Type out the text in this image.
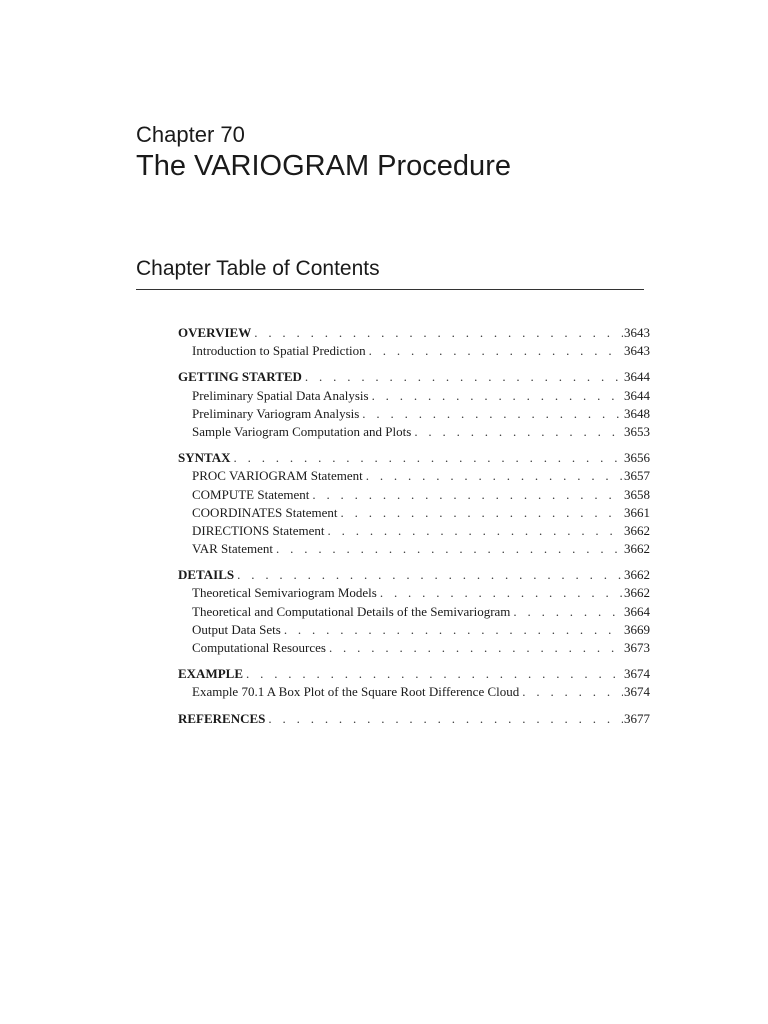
Chapter 70
The VARIOGRAM Procedure
Chapter Table of Contents
OVERVIEW . . .	3643
Introduction to Spatial Prediction . . .	3643
GETTING STARTED . . .	3644
Preliminary Spatial Data Analysis . . .	3644
Preliminary Variogram Analysis . . .	3648
Sample Variogram Computation and Plots . . .	3653
SYNTAX . . .	3656
PROC VARIOGRAM Statement . . .	3657
COMPUTE Statement . . .	3658
COORDINATES Statement . . .	3661
DIRECTIONS Statement . . .	3662
VAR Statement . . .	3662
DETAILS . . .	3662
Theoretical Semivariogram Models . . .	3662
Theoretical and Computational Details of the Semivariogram . . .	3664
Output Data Sets . . .	3669
Computational Resources . . .	3673
EXAMPLE . . .	3674
Example 70.1 A Box Plot of the Square Root Difference Cloud . . .	3674
REFERENCES . . .	3677
